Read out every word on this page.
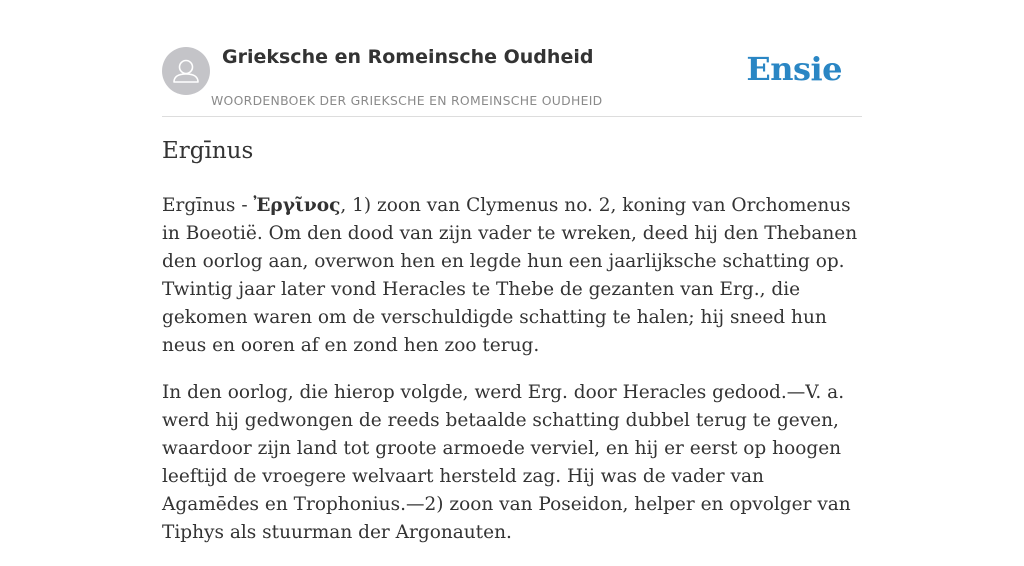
Grieksche en Romeinsche Oudheid
WOORDENBOEK DER GRIEKSCHE EN ROMEINSCHE OUDHEID
Ensie
Ergīnus

Ergīnus - Ἐργῖνος, 1) zoon van Clymenus no. 2, koning van Orchomenus in Boeotië. Om den dood van zijn vader te wreken, deed hij den Thebanen den oorlog aan, overwon hen en legde hun een jaarlijksche schatting op. Twintig jaar later vond Heracles te Thebe de gezanten van Erg., die gekomen waren om de verschuldigde schatting te halen; hij sneed hun neus en ooren af en zond hen zoo terug.

In den oorlog, die hierop volgde, werd Erg. door Heracles gedood.—V. a. werd hij gedwongen de reeds betaalde schatting dubbel terug te geven, waardoor zijn land tot groote armoede verviel, en hij er eerst op hoogen leeftijd de vroegere welvaart hersteld zag. Hij was de vader van Agamēdes en Trophonius.—2) zoon van Poseidon, helper en opvolger van Tiphys als stuurman der Argonauten.
